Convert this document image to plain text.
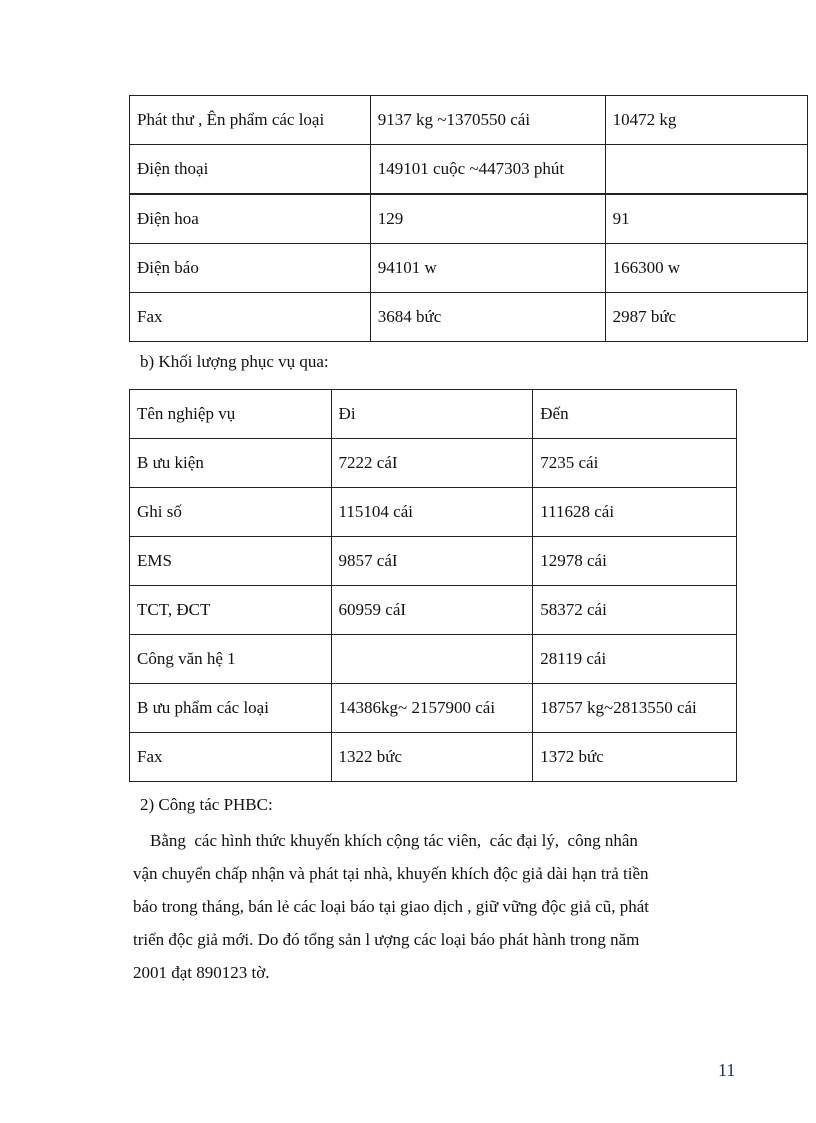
Phát thư , Ên phẩm các loại	9137 kg ~1370550 cái	10472 kg
Điện thoại	149101 cuộc ~447303 phút	
Điện hoa	129	91
Điện báo	94101 w	166300 w
Fax	3684 bức	2987 bức
b) Khối lượng phục vụ qua:
Tên nghiệp vụ	Đi	Đến
B ưu kiện	7222 cáI	7235 cái
Ghi số	115104 cái	111628 cái
EMS	9857 cáI	12978 cái
TCT, ĐCT	60959 cáI	58372 cái
Công văn hệ 1		28119 cái
B ưu phẩm các loại	14386kg~ 2157900 cái	18757 kg~2813550 cái
Fax	1322 bức	1372 bức
2) Công tác PHBC:
Bằng  các hình thức khuyến khích cộng tác viên,  các đại lý,  công nhân
vận chuyển chấp nhận và phát tại nhà, khuyến khích độc giả dài hạn trả tiền
báo trong tháng, bán lẻ các loại báo tại giao dịch , giữ vững độc giả cũ, phát
triển độc giả mới. Do đó tổng sản l ượng các loại báo phát hành trong năm
2001 đạt 890123 tờ.
11
